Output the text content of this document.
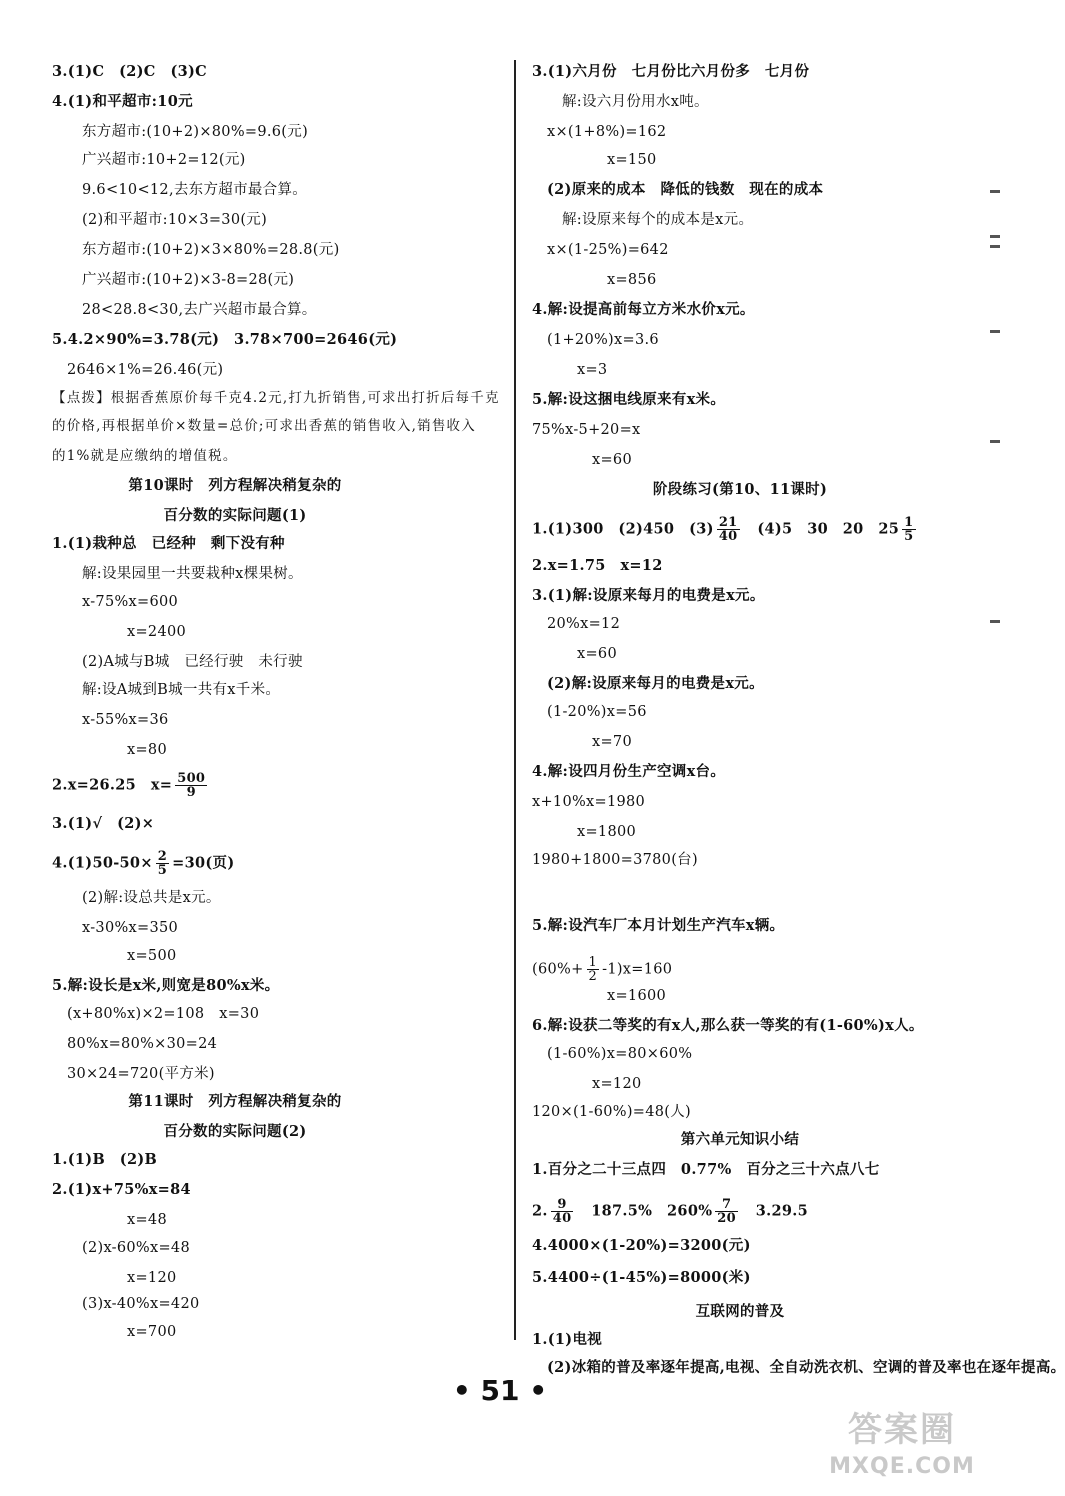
3.(1)C　(2)C　(3)C
4.(1)和平超市:10元
东方超市:(10+2)×80%=9.6(元)
广兴超市:10+2=12(元)
9.6<10<12,去东方超市最合算。
(2)和平超市:10×3=30(元)
东方超市:(10+2)×3×80%=28.8(元)
广兴超市:(10+2)×3-8=28(元)
28<28.8<30,去广兴超市最合算。
5.4.2×90%=3.78(元)　3.78×700=2646(元)
2646×1%=26.46(元)
【点拨】根据香蕉原价每千克4.2元,打九折销售,可求出打折后每千克
的价格,再根据单价×数量=总价;可求出香蕉的销售收入,销售收入
的1%就是应缴纳的增值税。
第10课时　列方程解决稍复杂的
百分数的实际问题(1)
1.(1)栽种总　已经种　剩下没有种
解:设果园里一共要栽种x棵果树。
x-75%x=600
x=2400
(2)A城与B城　已经行驶　未行驶
解:设A城到B城一共有x千米。
x-55%x=36
x=80
2.x=26.25　$x= \frac{500}{9}$
3.(1)√　(2)×
$4.(1)50-50\times \frac{2}{5} =30$(页)
(2)解:设总共是x元。
x-30%x=350
x=500
5.解:设长是x米,则宽是80%x米。
(x+80%x)×2=108　x=30
80%x=80%×30=24
30×24=720(平方米)
第11课时　列方程解决稍复杂的
百分数的实际问题(2)
1.(1)B　(2)B
2.(1)x+75%x=84
x=48
(2)x-60%x=48
x=120
(3)x-40%x=420
x=700
3.(1)六月份　七月份比六月份多　七月份
解:设六月份用水x吨。
x×(1+8%)=162
x=150
(2)原来的成本　降低的钱数　现在的成本
解:设原来每个的成本是x元。
x×(1-25%)=642
x=856
4.解:设提高前每立方米水价x元。
(1+20%)x=3.6
x=3
5.解:设这捆电线原来有x米。
75%x-5+20=x
x=60
阶段练习(第10、11课时)
1.(1)300　(2)450　$(3) \frac{21}{40}$ 　(4)5　30　20　$25 \frac{1}{5}$
2.x=1.75　x=12
3.(1)解:设原来每月的电费是x元。
20%x=12
x=60
(2)解:设原来每月的电费是x元。
(1-20%)x=56
x=70
4.解:设四月份生产空调x台。
x+10%x=1980
x=1800
1980+1800=3780(台)
5.解:设汽车厂本月计划生产汽车x辆。
$(60\%+ \frac{1}{2} -1)x=160$
x=1600
6.解:设获二等奖的有x人,那么获一等奖的有(1-60%)x人。
(1-60%)x=80×60%
x=120
120×(1-60%)=48(人)
第六单元知识小结
1.百分之二十三点四　0.77%　百分之三十六点八七
2. $\frac{9}{40}$ 　187.5%　$260\% \frac{7}{20}$ 　3.29.5
4.4000×(1-20%)=3200(元)
5.4400÷(1-45%)=8000(米)
互联网的普及
1.(1)电视
(2)冰箱的普及率逐年提高,电视、全自动洗衣机、空调的普及率也在逐年提高。
• 51 •
答案圈
MXQE.COM
